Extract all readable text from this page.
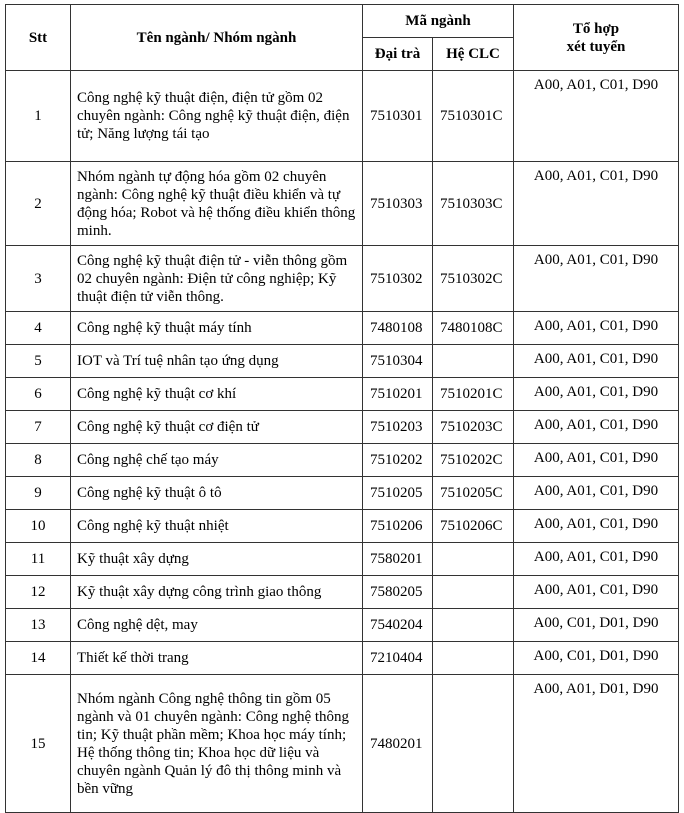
Stt	Tên ngành/ Nhóm ngành	Mã ngành		Tổ hợp
xét tuyển
		Đại trà	Hệ CLC	
1	Công nghệ kỹ thuật điện, điện tử gồm 02 chuyên ngành: Công nghệ kỹ thuật điện, điện tử; Năng lượng tái tạo	7510301	7510301C	A00, A01, C01, D90
2	Nhóm ngành tự động hóa gồm 02 chuyên ngành: Công nghệ kỹ thuật điều khiển và tự động hóa; Robot và hệ thống điều khiển thông minh.	7510303	7510303C	A00, A01, C01, D90
3	Công nghệ kỹ thuật điện tử - viễn thông gồm 02 chuyên ngành: Điện tử công nghiệp; Kỹ thuật điện tử viễn thông.	7510302	7510302C	A00, A01, C01, D90
4	Công nghệ kỹ thuật máy tính	7480108	7480108C	A00, A01, C01, D90
5	IOT và Trí tuệ nhân tạo ứng dụng	7510304		A00, A01, C01, D90
6	Công nghệ kỹ thuật cơ khí	7510201	7510201C	A00, A01, C01, D90
7	Công nghệ kỹ thuật cơ điện tử	7510203	7510203C	A00, A01, C01, D90
8	Công nghệ chế tạo máy	7510202	7510202C	A00, A01, C01, D90
9	Công nghệ kỹ thuật ô tô	7510205	7510205C	A00, A01, C01, D90
10	Công nghệ kỹ thuật nhiệt	7510206	7510206C	A00, A01, C01, D90
11	Kỹ thuật xây dựng	7580201		A00, A01, C01, D90
12	Kỹ thuật xây dựng công trình giao thông	7580205		A00, A01, C01, D90
13	Công nghệ dệt, may	7540204		A00, C01, D01, D90
14	Thiết kế thời trang	7210404		A00, C01, D01, D90
15	Nhóm ngành Công nghệ thông tin gồm 05 ngành và 01 chuyên ngành: Công nghệ thông tin; Kỹ thuật phần mềm; Khoa học máy tính; Hệ thống thông tin; Khoa học dữ liệu và chuyên ngành Quản lý đô thị thông minh và bền vững	7480201		A00, A01, D01, D90
